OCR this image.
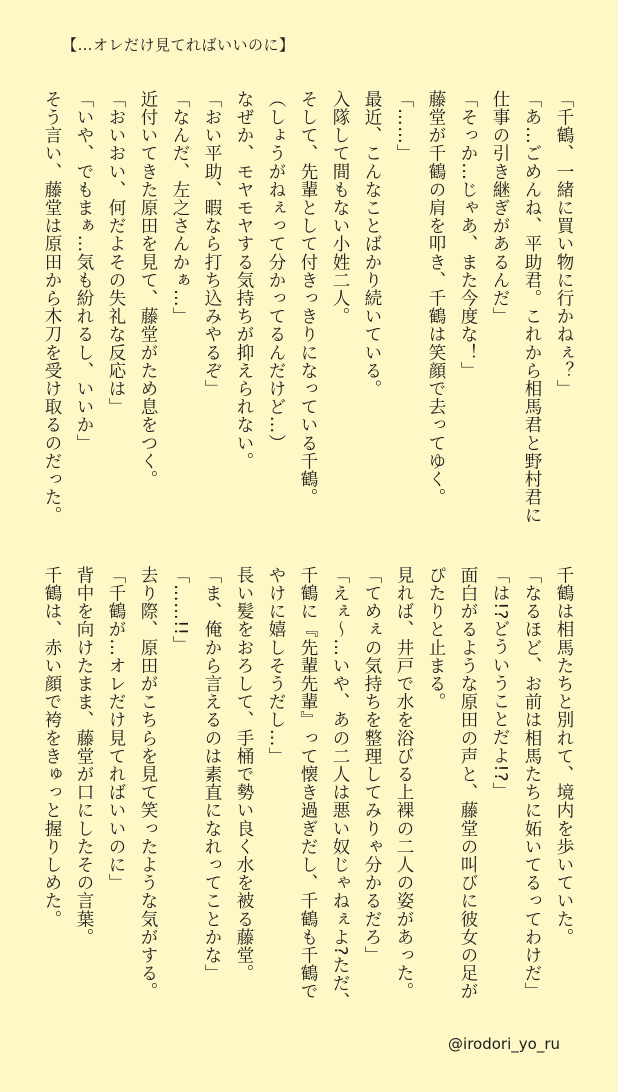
【…オレだけ見てればいいのに】
「千鶴、一緒に買い物に行かねぇ？」
「あ…ごめんね、平助君。これから相馬君と野村君に
仕事の引き継ぎがあるんだ」
「そっか…じゃあ、また今度な！」
藤堂が千鶴の肩を叩き、千鶴は笑顔で去ってゆく。
「……」
最近、こんなことばかり続いている。
入隊して間もない小姓二人。
そして、先輩として付きっきりになっている千鶴。
（しょうがねぇって分かってるんだけど…）
なぜか、モヤモヤする気持ちが抑えられない。
「おい平助、暇なら打ち込みやるぞ」
「なんだ、左之さんかぁ…」
近付いてきた原田を見て、藤堂がため息をつく。
「おいおい、何だよその失礼な反応は」
「いや、でもまぁ…気も紛れるし、いいか」
そう言い、藤堂は原田から木刀を受け取るのだった。
千鶴は相馬たちと別れて、境内を歩いていた。
「なるほど、お前は相馬たちに妬いてるってわけだ」
「は!?どういうことだよ!?」
面白がるような原田の声と、藤堂の叫びに彼女の足が
ぴたりと止まる。
見れば、井戸で水を浴びる上裸の二人の姿があった。
「てめぇの気持ちを整理してみりゃ分かるだろ」
「えぇ〜…いや、あの二人は悪い奴じゃねぇよ?ただ、
千鶴に『先輩先輩』って懐き過ぎだし、千鶴も千鶴で
やけに嬉しそうだし…」
長い髪をおろして、手桶で勢い良く水を被る藤堂。
「ま、俺から言えるのは素直になれってことかな」
「……!!」
去り際、原田がこちらを見て笑ったような気がする。
「千鶴が…オレだけ見てればいいのに」
背中を向けたまま、藤堂が口にしたその言葉。
千鶴は、赤い顔で袴をきゅっと握りしめた。
@irodori_yo_ru
